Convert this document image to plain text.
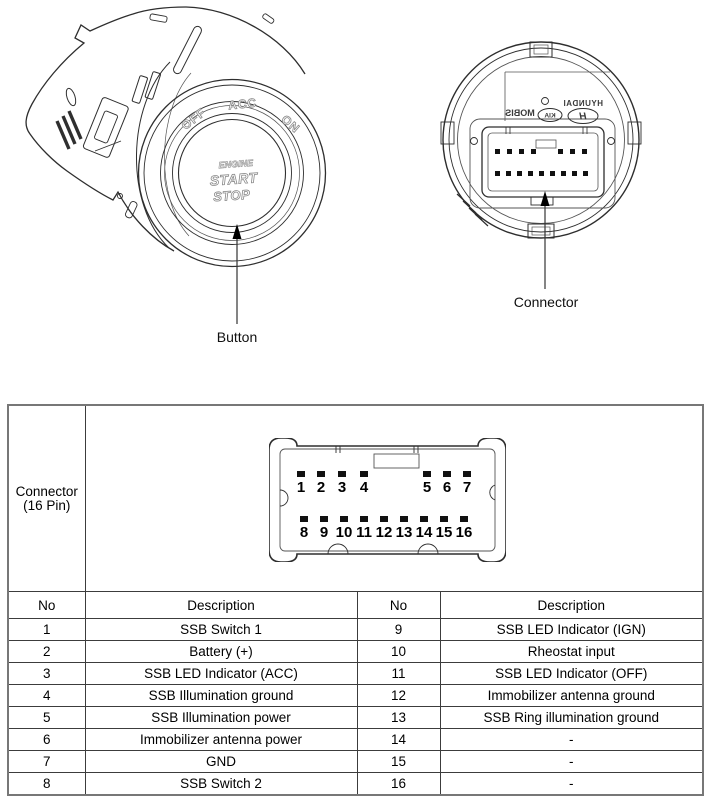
OFF
ACC
ON
ENGINE
START
STOP
Button
HYUNDAI
MOBIS KIA H
Connector
Connector
(16 Pin)

1 2 3 4	5 6 7
8 9 10 11 12 13 14 15 16

No	Description	No	Description
1	SSB Switch 1	9	SSB LED Indicator (IGN)
2	Battery (+)	10	Rheostat input
3	SSB LED Indicator (ACC)	11	SSB LED Indicator (OFF)
4	SSB Illumination ground	12	Immobilizer antenna ground
5	SSB Illumination power	13	SSB Ring illumination ground
6	Immobilizer antenna power	14	-
7	GND	15	-
8	SSB Switch 2	16	-
